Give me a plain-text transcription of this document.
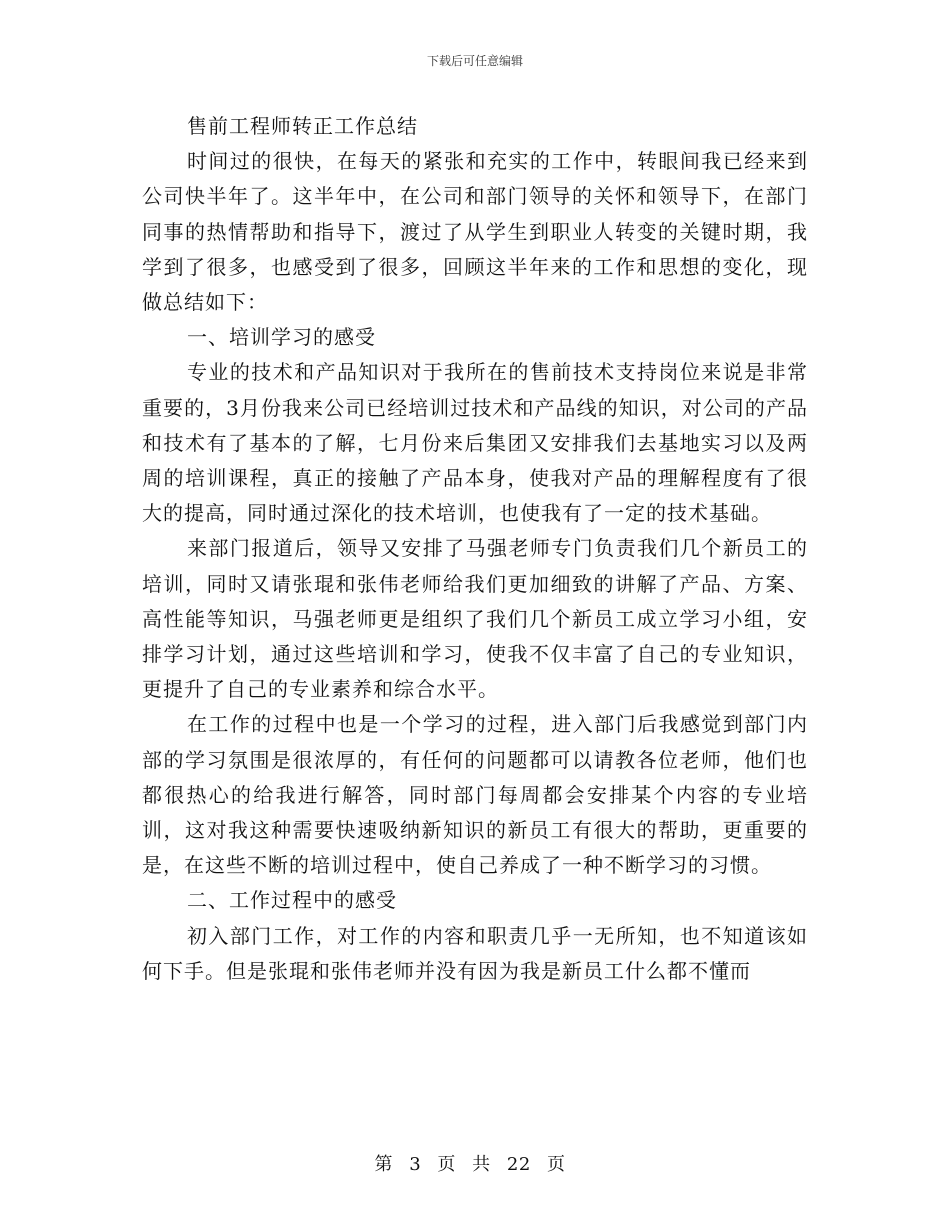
下载后可任意编辑

售前工程师转正工作总结

时间过的很快，在每天的紧张和充实的工作中，转眼间我已经来到公司快半年了。这半年中，在公司和部门领导的关怀和领导下，在部门同事的热情帮助和指导下，渡过了从学生到职业人转变的关键时期，我学到了很多，也感受到了很多，回顾这半年来的工作和思想的变化，现做总结如下：

一、培训学习的感受

专业的技术和产品知识对于我所在的售前技术支持岗位来说是非常重要的，3月份我来公司已经培训过技术和产品线的知识，对公司的产品和技术有了基本的了解，七月份来后集团又安排我们去基地实习以及两周的培训课程，真正的接触了产品本身，使我对产品的理解程度有了很大的提高，同时通过深化的技术培训，也使我有了一定的技术基础。

来部门报道后，领导又安排了马强老师专门负责我们几个新员工的培训，同时又请张琨和张伟老师给我们更加细致的讲解了产品、方案、高性能等知识，马强老师更是组织了我们几个新员工成立学习小组，安排学习计划，通过这些培训和学习，使我不仅丰富了自己的专业知识，更提升了自己的专业素养和综合水平。

在工作的过程中也是一个学习的过程，进入部门后我感觉到部门内部的学习氛围是很浓厚的，有任何的问题都可以请教各位老师，他们也都很热心的给我进行解答，同时部门每周都会安排某个内容的专业培训，这对我这种需要快速吸纳新知识的新员工有很大的帮助，更重要的是，在这些不断的培训过程中，使自己养成了一种不断学习的习惯。

二、工作过程中的感受

初入部门工作，对工作的内容和职责几乎一无所知，也不知道该如何下手。但是张琨和张伟老师并没有因为我是新员工什么都不懂而

第 3 页 共 22 页
